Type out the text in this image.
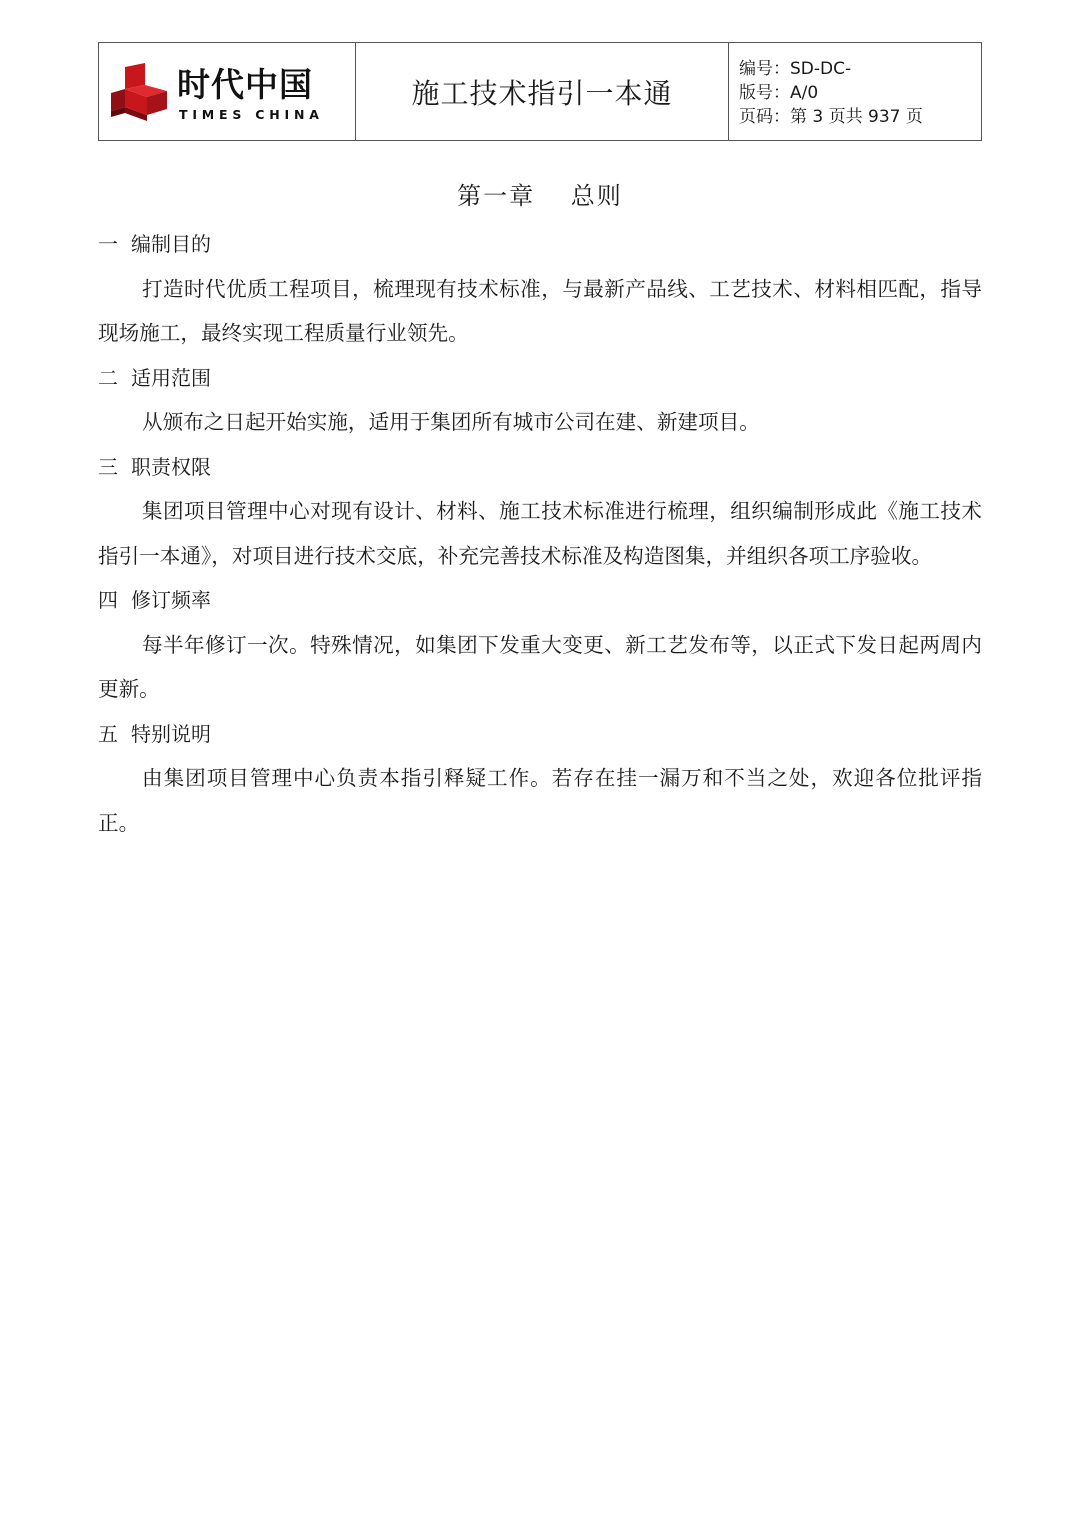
时代中国
TIMES CHINA
施工技术指引一本通
编号：SD-DC-
版号：A/0
页码：第 3 页共 937 页
第一章　 总则
一 编制目的
打造时代优质工程项目，梳理现有技术标准，与最新产品线、工艺技术、材料相匹配，指导现场施工，最终实现工程质量行业领先。
二 适用范围
从颁布之日起开始实施，适用于集团所有城市公司在建、新建项目。
三 职责权限
集团项目管理中心对现有设计、材料、施工技术标准进行梳理，组织编制形成此《施工技术指引一本通》，对项目进行技术交底，补充完善技术标准及构造图集，并组织各项工序验收。
四 修订频率
每半年修订一次。特殊情况，如集团下发重大变更、新工艺发布等，以正式下发日起两周内更新。
五 特别说明
由集团项目管理中心负责本指引释疑工作。若存在挂一漏万和不当之处，欢迎各位批评指正。
